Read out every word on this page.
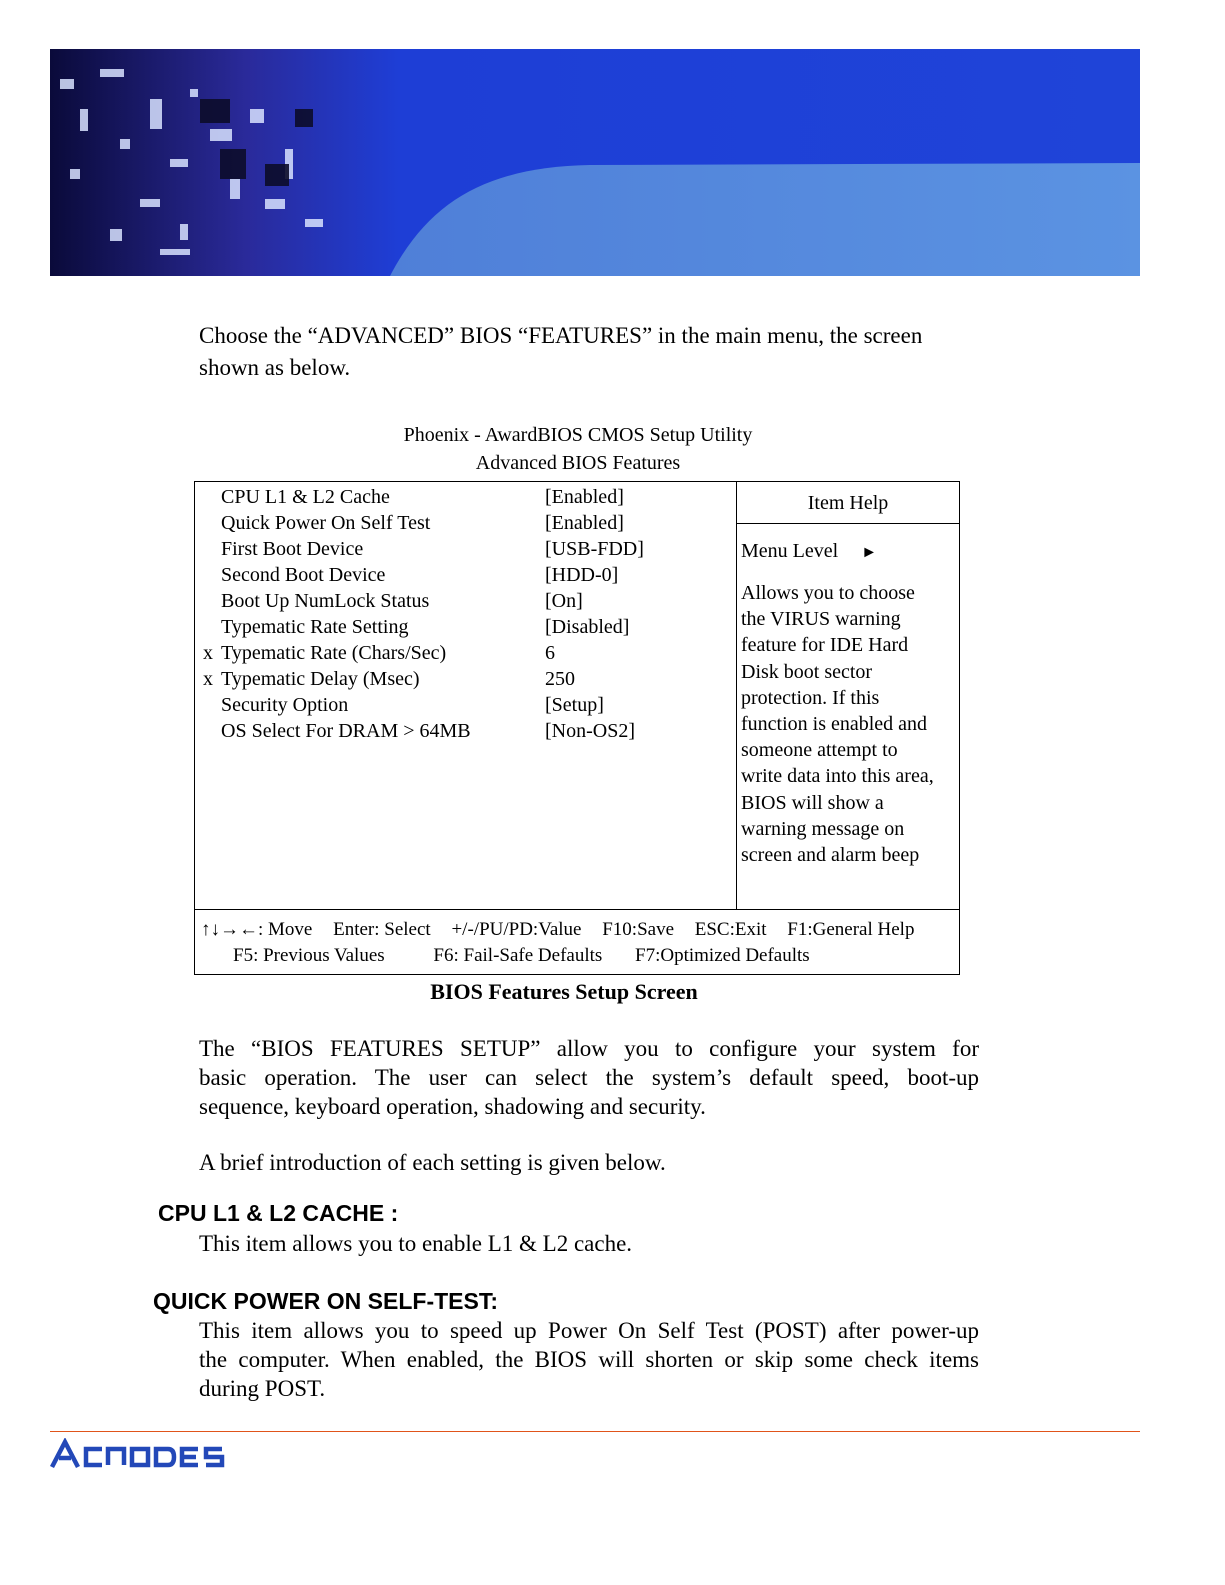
Choose the “ADVANCED” BIOS “FEATURES” in the main menu, the screen
shown as below.
Phoenix - AwardBIOS CMOS Setup Utility
Advanced BIOS Features
CPU L1 & L2 Cache	[Enabled]
Quick Power On Self Test	[Enabled]
First Boot Device	[USB-FDD]
Second Boot Device	[HDD-0]
Boot Up NumLock Status	[On]
Typematic Rate Setting	[Disabled]
x Typematic Rate (Chars/Sec)	6
x Typematic Delay (Msec)	250
Security Option	[Setup]
OS Select For DRAM > 64MB	[Non-OS2]
Item Help
Menu Level ►
Allows you to choose
the VIRUS warning
feature for IDE Hard
Disk boot sector
protection. If this
function is enabled and
someone attempt to
write data into this area,
BIOS will show a
warning message on
screen and alarm beep
↑↓→←: Move Enter: Select +/-/PU/PD:Value F10:Save ESC:Exit F1:General Help
F5: Previous Values	F6: Fail-Safe Defaults F7:Optimized Defaults
BIOS Features Setup Screen
The “BIOS FEATURES SETUP” allow you to configure your system for
basic operation. The user can select the system’s default speed, boot-up
sequence, keyboard operation, shadowing and security.
A brief introduction of each setting is given below.
CPU L1 & L2 CACHE :
This item allows you to enable L1 & L2 cache.
QUICK POWER ON SELF-TEST:
This item allows you to speed up Power On Self Test (POST) after power-up
the computer. When enabled, the BIOS will shorten or skip some check items
during POST.
